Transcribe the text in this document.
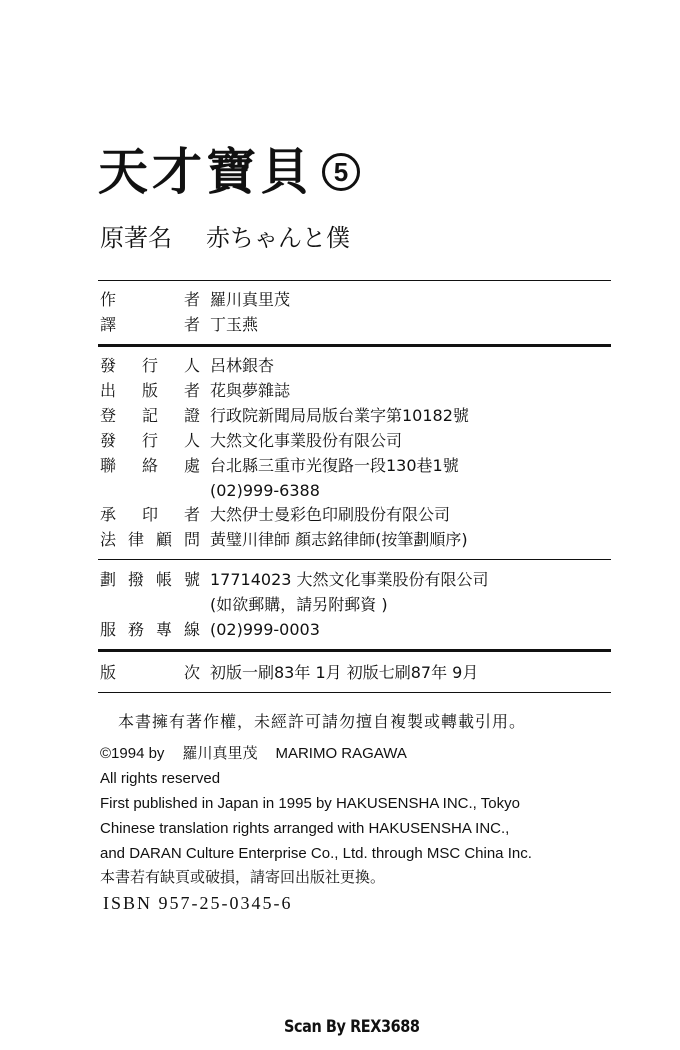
天才寶貝 5
原著名 赤ちゃんと僕
作　者 羅川真里茂
譯　者 丁玉燕
發行人 呂林銀杏
出版者 花與夢雜誌
登記證 行政院新聞局局版台業字第10182號
發行人 大然文化事業股份有限公司
聯絡處 台北縣三重市光復路一段130巷1號
(02)999-6388
承印者 大然伊士曼彩色印刷股份有限公司
法律顧問 黃璧川律師 顏志銘律師(按筆劃順序)
劃撥帳號 17714023 大然文化事業股份有限公司
(如欲郵購，請另附郵資 )
服務專線 (02)999-0003
版　次 初版一刷83年 1月 初版七刷87年 9月
本書擁有著作權，未經許可請勿擅自複製或轉載引用。
©1994 by 羅川真里茂 MARIMO RAGAWA
All rights reserved
First published in Japan in 1995 by HAKUSENSHA INC., Tokyo
Chinese translation rights arranged with HAKUSENSHA INC.,
and DARAN Culture Enterprise Co., Ltd. through MSC China Inc.
本書若有缺頁或破損，請寄回出版社更換。
ISBN 957-25-0345-6
Scan By REX3688
